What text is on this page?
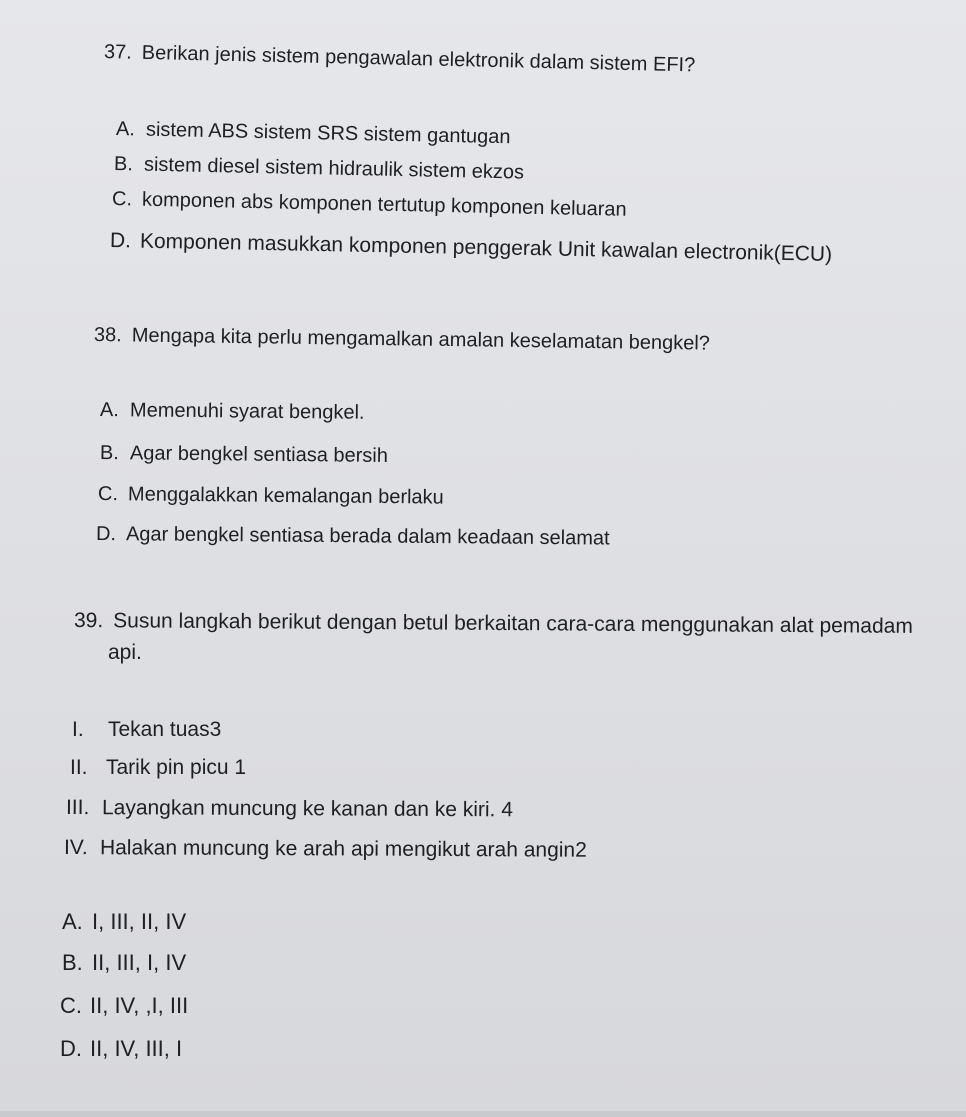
37. Berikan jenis sistem pengawalan elektronik dalam sistem EFI?
A. sistem ABS sistem SRS sistem gantugan
B. sistem diesel sistem hidraulik sistem ekzos
C. komponen abs komponen tertutup komponen keluaran
D. Komponen masukkan komponen penggerak Unit kawalan electronik(ECU)
38. Mengapa kita perlu mengamalkan amalan keselamatan bengkel?
A. Memenuhi syarat bengkel.
B. Agar bengkel sentiasa bersih
C. Menggalakkan kemalangan berlaku
D. Agar bengkel sentiasa berada dalam keadaan selamat
39. Susun langkah berikut dengan betul berkaitan cara-cara menggunakan alat pemadam
api.
I. Tekan tuas3
II. Tarik pin picu 1
III. Layangkan muncung ke kanan dan ke kiri. 4
IV. Halakan muncung ke arah api mengikut arah angin2
A. I, III, II, IV
B. II, III, I, IV
C. II, IV, ,I, III
D. II, IV, III, I
